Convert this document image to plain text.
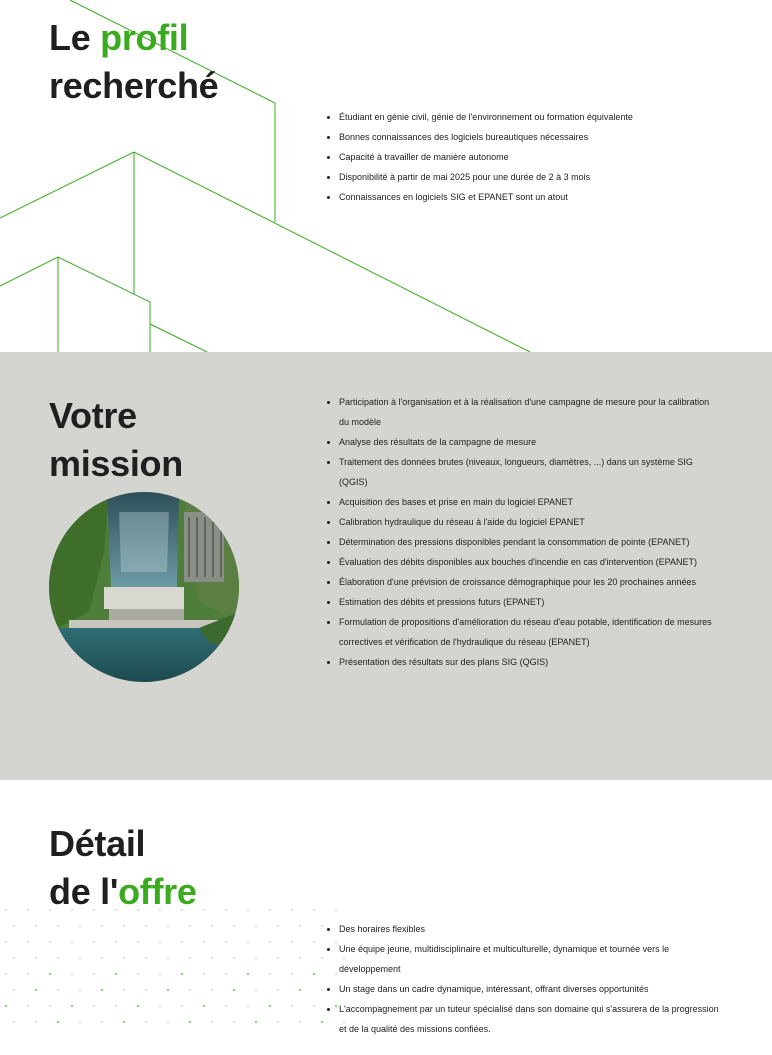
Le profil
recherché
• Étudiant en génie civil, génie de l'environnement ou formation équivalente
• Bonnes connaissances des logiciels bureautiques nécessaires
• Capacité à travailler de manière autonome
• Disponibilité à partir de mai 2025 pour une durée de 2 à 3 mois
• Connaissances en logiciels SIG et EPANET sont un atout
Votre
mission
• Participation à l'organisation et à la réalisation d'une campagne de mesure pour la calibration du modèle
• Analyse des résultats de la campagne de mesure
• Traitement des données brutes (niveaux, longueurs, diamètres, ...) dans un système SIG (QGIS)
• Acquisition des bases et prise en main du logiciel EPANET
• Calibration hydraulique du réseau à l'aide du logiciel EPANET
• Détermination des pressions disponibles pendant la consommation de pointe (EPANET)
• Évaluation des débits disponibles aux bouches d'incendie en cas d'intervention (EPANET)
• Élaboration d'une prévision de croissance démographique pour les 20 prochaines années
• Estimation des débits et pressions futurs (EPANET)
• Formulation de propositions d'amélioration du réseau d'eau potable, identification de mesures correctives et vérification de l'hydraulique du réseau (EPANET)
• Présentation des résultats sur des plans SIG (QGIS)
Détail
de l'offre
• Des horaires flexibles
• Une équipe jeune, multidisciplinaire et multiculturelle, dynamique et tournée vers le développement
• Un stage dans un cadre dynamique, intéressant, offrant diverses opportunités
• L'accompagnement par un tuteur spécialisé dans son domaine qui s'assurera de la progression et de la qualité des missions confiées.
